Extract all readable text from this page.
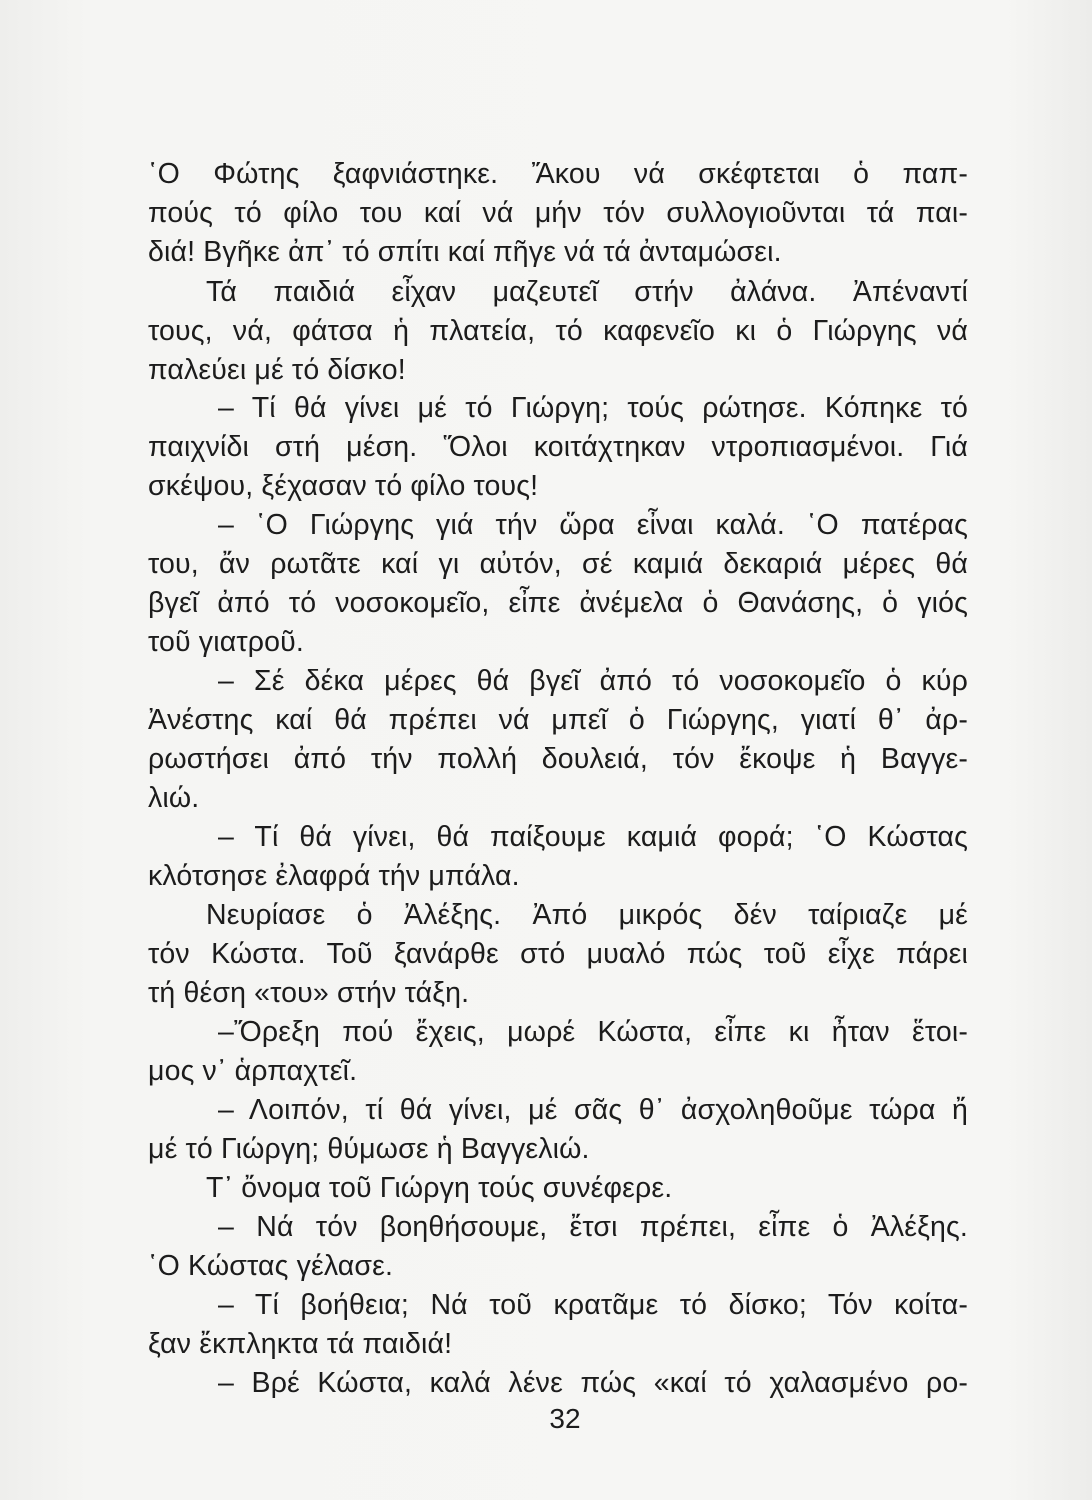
῾Ο Φώτης ξαφνιάστηκε. Ἄκου νά σκέφτεται ὁ παπ-
πούς τό φίλο του καί νά μήν τόν συλλογιοῦνται τά παι-
διά! Βγῆκε ἀπ᾽ τό σπίτι καί πῆγε νά τά ἀνταμώσει.
Τά παιδιά εἶχαν μαζευτεῖ στήν ἀλάνα. Ἀπέναντί
τους, νά, φάτσα ἡ πλατεία, τό καφενεῖο κι ὁ Γιώργης νά
παλεύει μέ τό δίσκο!
– Τί θά γίνει μέ τό Γιώργη; τούς ρώτησε. Κόπηκε τό
παιχνίδι στή μέση. Ὅλοι κοιτάχτηκαν ντροπιασμένοι. Γιά
σκέψου, ξέχασαν τό φίλο τους!
– ῾Ο Γιώργης γιά τήν ὥρα εἶναι καλά. ῾Ο πατέρας
του, ἄν ρωτᾶτε καί γι αὐτόν, σέ καμιά δεκαριά μέρες θά
βγεῖ ἀπό τό νοσοκομεῖο, εἶπε ἀνέμελα ὁ Θανάσης, ὁ γιός
τοῦ γιατροῦ.
– Σέ δέκα μέρες θά βγεῖ ἀπό τό νοσοκομεῖο ὁ κύρ
Ἀνέστης καί θά πρέπει νά μπεῖ ὁ Γιώργης, γιατί θ᾽ ἀρ-
ρωστήσει ἀπό τήν πολλή δουλειά, τόν ἔκοψε ἡ Βαγγε-
λιώ.
– Τί θά γίνει, θά παίξουμε καμιά φορά; ῾Ο Κώστας
κλότσησε ἐλαφρά τήν μπάλα.
Νευρίασε ὁ Ἀλέξης. Ἀπό μικρός δέν ταίριαζε μέ
τόν Κώστα. Τοῦ ξανάρθε στό μυαλό πώς τοῦ εἶχε πάρει
τή θέση «του» στήν τάξη.
–Ὄρεξη πού ἔχεις, μωρέ Κώστα, εἶπε κι ἦταν ἕτοι-
μος ν᾽ ἁρπαχτεῖ.
– Λοιπόν, τί θά γίνει, μέ σᾶς θ᾽ ἀσχοληθοῦμε τώρα ἤ
μέ τό Γιώργη; θύμωσε ἡ Βαγγελιώ.
Τ᾽ ὄνομα τοῦ Γιώργη τούς συνέφερε.
– Νά τόν βοηθήσουμε, ἔτσι πρέπει, εἶπε ὁ Ἀλέξης.
῾Ο Κώστας γέλασε.
– Τί βοήθεια; Νά τοῦ κρατᾶμε τό δίσκο; Τόν κοίτα-
ξαν ἔκπληκτα τά παιδιά!
– Βρέ Κώστα, καλά λένε πώς «καί τό χαλασμένο ρο-
32
